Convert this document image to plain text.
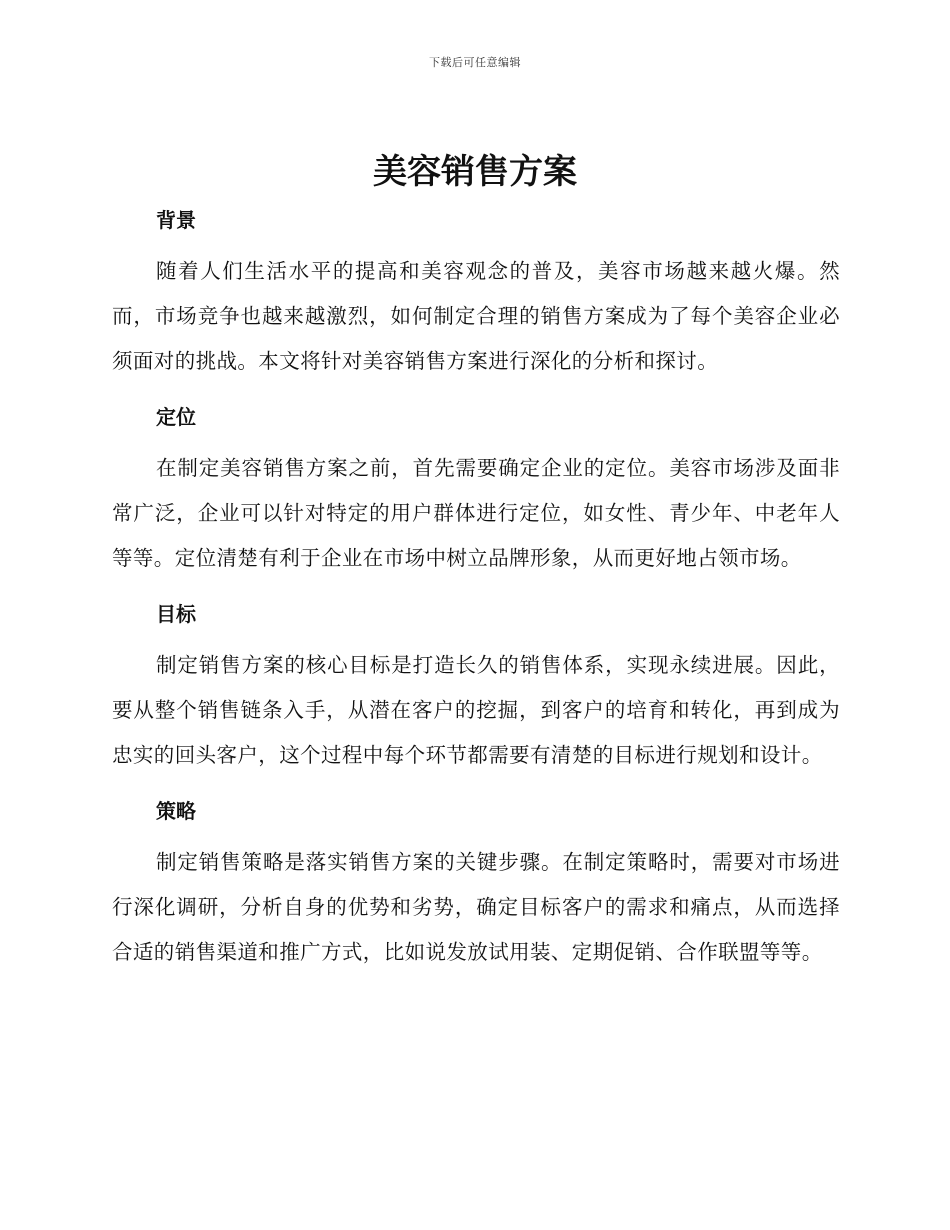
下载后可任意编辑
美容销售方案
背景

随着人们生活水平的提高和美容观念的普及，美容市场越来越火爆。然而，市场竞争也越来越激烈，如何制定合理的销售方案成为了每个美容企业必须面对的挑战。本文将针对美容销售方案进行深化的分析和探讨。

定位

在制定美容销售方案之前，首先需要确定企业的定位。美容市场涉及面非常广泛，企业可以针对特定的用户群体进行定位，如女性、青少年、中老年人等等。定位清楚有利于企业在市场中树立品牌形象，从而更好地占领市场。

目标

制定销售方案的核心目标是打造长久的销售体系，实现永续进展。因此，要从整个销售链条入手，从潜在客户的挖掘，到客户的培育和转化，再到成为忠实的回头客户，这个过程中每个环节都需要有清楚的目标进行规划和设计。

策略

制定销售策略是落实销售方案的关键步骤。在制定策略时，需要对市场进行深化调研，分析自身的优势和劣势，确定目标客户的需求和痛点，从而选择合适的销售渠道和推广方式，比如说发放试用装、定期促销、合作联盟等等。
